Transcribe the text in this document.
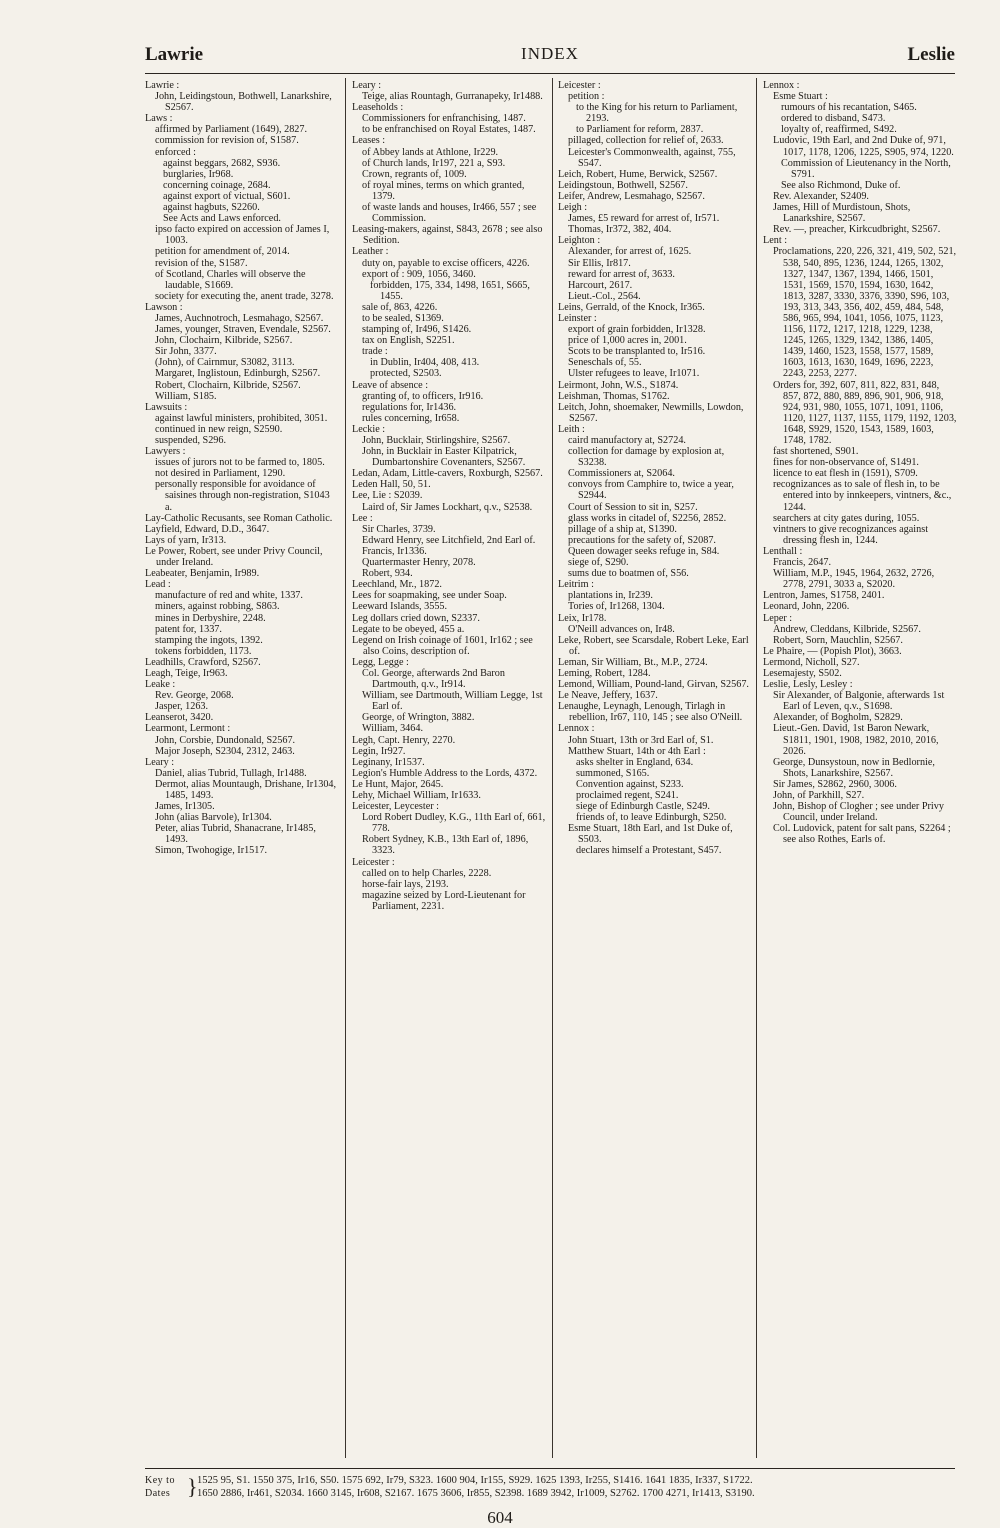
Lawrie	INDEX	Leslie

Lawrie :

John, Leidingstoun, Bothwell, Lanarkshire, S2567.

Laws :

affirmed by Parliament (1649), 2827.

commission for revision of, S1587.

enforced :

against beggars, 2682, S936.

burglaries, Ir968.

concerning coinage, 2684.

against export of victual, S601.

against hagbuts, S2260.

See Acts and Laws enforced.

ipso facto expired on accession of James I, 1003.

petition for amendment of, 2014.

revision of the, S1587.

of Scotland, Charles will observe the laudable, S1669.

society for executing the, anent trade, 3278.

Lawson :

James, Auchnotroch, Lesmahago, S2567.

James, younger, Straven, Evendale, S2567.

John, Clochairn, Kilbride, S2567.

Sir John, 3377.

(John), of Cairnmur, S3082, 3113.

Margaret, Inglistoun, Edinburgh, S2567.

Robert, Clochairn, Kilbride, S2567.

William, S185.

Lawsuits :

against lawful ministers, prohibited, 3051.

continued in new reign, S2590.

suspended, S296.

Lawyers :

issues of jurors not to be farmed to, 1805.

not desired in Parliament, 1290.

personally responsible for avoidance of saisines through non-registration, S1043 a.

Lay-Catholic Recusants, see Roman Catholic.

Layfield, Edward, D.D., 3647.

Lays of yarn, Ir313.

Le Power, Robert, see under Privy Council, under Ireland.

Leabeater, Benjamin, Ir989.

Lead :

manufacture of red and white, 1337.

miners, against robbing, S863.

mines in Derbyshire, 2248.

patent for, 1337.

stamping the ingots, 1392.

tokens forbidden, 1173.

Leadhills, Crawford, S2567.

Leagh, Teige, Ir963.

Leake :

Rev. George, 2068.

Jasper, 1263.

Leanserot, 3420.

Learmont, Lermont :

John, Corsbie, Dundonald, S2567.

Major Joseph, S2304, 2312, 2463.

Leary :

Daniel, alias Tubrid, Tullagh, Ir1488.

Dermot, alias Mountaugh, Drishane, Ir1304, 1485, 1493.

James, Ir1305.

John (alias Barvole), Ir1304.

Peter, alias Tubrid, Shanacrane, Ir1485, 1493.

Simon, Twohogige, Ir1517.

Leary :

Teige, alias Rountagh, Gurranapeky, Ir1488.

Leaseholds :

Commissioners for enfranchising, 1487.

to be enfranchised on Royal Estates, 1487.

Leases :

of Abbey lands at Athlone, Ir229.

of Church lands, Ir197, 221 a, S93.

Crown, regrants of, 1009.

of royal mines, terms on which granted, 1379.

of waste lands and houses, Ir466, 557 ; see Commission.

Leasing-makers, against, S843, 2678 ; see also Sedition.

Leather :

duty on, payable to excise officers, 4226.

export of : 909, 1056, 3460.

forbidden, 175, 334, 1498, 1651, S665, 1455.

sale of, 863, 4226.

to be sealed, S1369.

stamping of, Ir496, S1426.

tax on English, S2251.

trade :

in Dublin, Ir404, 408, 413.

protected, S2503.

Leave of absence :

granting of, to officers, Ir916.

regulations for, Ir1436.

rules concerning, Ir658.

Leckie :

John, Bucklair, Stirlingshire, S2567.

John, in Bucklair in Easter Kilpatrick, Dumbartonshire Covenanters, S2567.

Ledan, Adam, Little-cavers, Roxburgh, S2567.

Leden Hall, 50, 51.

Lee, Lie : S2039.

Laird of, Sir James Lockhart, q.v., S2538.

Lee :

Sir Charles, 3739.

Edward Henry, see Litchfield, 2nd Earl of.

Francis, Ir1336.

Quartermaster Henry, 2078.

Robert, 934.

Leechland, Mr., 1872.

Lees for soapmaking, see under Soap.

Leeward Islands, 3555.

Leg dollars cried down, S2337.

Legate to be obeyed, 455 a.

Legend on Irish coinage of 1601, Ir162 ; see also Coins, description of.

Legg, Legge :

Col. George, afterwards 2nd Baron Dartmouth, q.v., Ir914.

William, see Dartmouth, William Legge, 1st Earl of.

George, of Wrington, 3882.

William, 3464.

Legh, Capt. Henry, 2270.

Legin, Ir927.

Leginany, Ir1537.

Legion's Humble Address to the Lords, 4372.

Le Hunt, Major, 2645.

Lehy, Michael William, Ir1633.

Leicester, Leycester :

Lord Robert Dudley, K.G., 11th Earl of, 661, 778.

Robert Sydney, K.B., 13th Earl of, 1896, 3323.

Leicester :

called on to help Charles, 2228.

horse-fair lays, 2193.

magazine seized by Lord-Lieutenant for Parliament, 2231.

Leicester :

petition :

to the King for his return to Parliament, 2193.

to Parliament for reform, 2837.

pillaged, collection for relief of, 2633.

Leicester's Commonwealth, against, 755, S547.

Leich, Robert, Hume, Berwick, S2567.

Leidingstoun, Bothwell, S2567.

Leifer, Andrew, Lesmahago, S2567.

Leigh :

James, £5 reward for arrest of, Ir571.

Thomas, Ir372, 382, 404.

Leighton :

Alexander, for arrest of, 1625.

Sir Ellis, Ir817.

reward for arrest of, 3633.

Harcourt, 2617.

Lieut.-Col., 2564.

Leins, Gerrald, of the Knock, Ir365.

Leinster :

export of grain forbidden, Ir1328.

price of 1,000 acres in, 2001.

Scots to be transplanted to, Ir516.

Seneschals of, 55.

Ulster refugees to leave, Ir1071.

Leirmont, John, W.S., S1874.

Leishman, Thomas, S1762.

Leitch, John, shoemaker, Newmills, Lowdon, S2567.

Leith :

caird manufactory at, S2724.

collection for damage by explosion at, S3238.

Commissioners at, S2064.

convoys from Camphire to, twice a year, S2944.

Court of Session to sit in, S257.

glass works in citadel of, S2256, 2852.

pillage of a ship at, S1390.

precautions for the safety of, S2087.

Queen dowager seeks refuge in, S84.

siege of, S290.

sums due to boatmen of, S56.

Leitrim :

plantations in, Ir239.

Tories of, Ir1268, 1304.

Leix, Ir178.

O'Neill advances on, Ir48.

Leke, Robert, see Scarsdale, Robert Leke, Earl of.

Leman, Sir William, Bt., M.P., 2724.

Leming, Robert, 1284.

Lemond, William, Pound-land, Girvan, S2567.

Le Neave, Jeffery, 1637.

Lenaughe, Leynagh, Lenough, Tirlagh in rebellion, Ir67, 110, 145 ; see also O'Neill.

Lennox :

John Stuart, 13th or 3rd Earl of, S1.

Matthew Stuart, 14th or 4th Earl :

asks shelter in England, 634.

summoned, S165.

Convention against, S233.

proclaimed regent, S241.

siege of Edinburgh Castle, S249.

friends of, to leave Edinburgh, S250.

Esme Stuart, 18th Earl, and 1st Duke of, S503.

declares himself a Protestant, S457.

Lennox :

Esme Stuart :

rumours of his recantation, S465.

ordered to disband, S473.

loyalty of, reaffirmed, S492.

Ludovic, 19th Earl, and 2nd Duke of, 971, 1017, 1178, 1206, 1225, S905, 974, 1220.

Commission of Lieutenancy in the North, S791.

See also Richmond, Duke of.

Rev. Alexander, S2409.

James, Hill of Murdistoun, Shots, Lanarkshire, S2567.

Rev. —, preacher, Kirkcudbright, S2567.

Lent :

Proclamations, 220, 226, 321, 419, 502, 521, 538, 540, 895, 1236, 1244, 1265, 1302, 1327, 1347, 1367, 1394, 1466, 1501, 1531, 1569, 1570, 1594, 1630, 1642, 1813, 3287, 3330, 3376, 3390, S96, 103, 193, 313, 343, 356, 402, 459, 484, 548, 586, 965, 994, 1041, 1056, 1075, 1123, 1156, 1172, 1217, 1218, 1229, 1238, 1245, 1265, 1329, 1342, 1386, 1405, 1439, 1460, 1523, 1558, 1577, 1589, 1603, 1613, 1630, 1649, 1696, 2223, 2243, 2253, 2277.

Orders for, 392, 607, 811, 822, 831, 848, 857, 872, 880, 889, 896, 901, 906, 918, 924, 931, 980, 1055, 1071, 1091, 1106, 1120, 1127, 1137, 1155, 1179, 1192, 1203, 1648, S929, 1520, 1543, 1589, 1603, 1748, 1782.

fast shortened, S901.

fines for non-observance of, S1491.

licence to eat flesh in (1591), S709.

recognizances as to sale of flesh in, to be entered into by innkeepers, vintners, &c., 1244.

searchers at city gates during, 1055.

vintners to give recognizances against dressing flesh in, 1244.

Lenthall :

Francis, 2647.

William, M.P., 1945, 1964, 2632, 2726, 2778, 2791, 3033 a, S2020.

Lentron, James, S1758, 2401.

Leonard, John, 2206.

Leper :

Andrew, Cleddans, Kilbride, S2567.

Robert, Sorn, Mauchlin, S2567.

Le Phaire, — (Popish Plot), 3663.

Lermond, Nicholl, S27.

Lesemajesty, S502.

Leslie, Lesly, Lesley :

Sir Alexander, of Balgonie, afterwards 1st Earl of Leven, q.v., S1698.

Alexander, of Bogholm, S2829.

Lieut.-Gen. David, 1st Baron Newark, S1811, 1901, 1908, 1982, 2010, 2016, 2026.

George, Dunsystoun, now in Bedlornie, Shots, Lanarkshire, S2567.

Sir James, S2862, 2960, 3006.

John, of Parkhill, S27.

John, Bishop of Clogher ; see under Privy Council, under Ireland.

Col. Ludovick, patent for salt pans, S2264 ; see also Rothes, Earls of.

Key to
Dates } 1525 95, S1. 1550 375, Ir16, S50. 1575 692, Ir79, S323. 1600 904, Ir155, S929. 1625 1393, Ir255, S1416. 1641 1835, Ir337, S1722.
1650 2886, Ir461, S2034. 1660 3145, Ir608, S2167. 1675 3606, Ir855, S2398. 1689 3942, Ir1009, S2762. 1700 4271, Ir1413, S3190.
604
